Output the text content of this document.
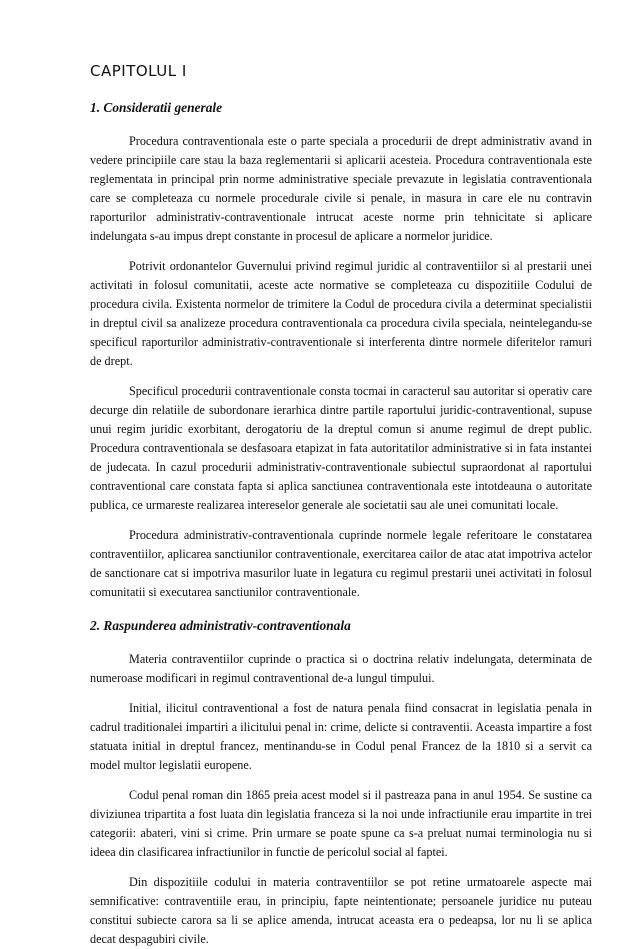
CAPITOLUL I
1. Consideratii generale

Procedura contraventionala este o parte speciala a procedurii de drept administrativ avand in vedere principiile care stau la baza reglementarii si aplicarii acesteia. Procedura contraventionala este reglementata in principal prin norme administrative speciale prevazute in legislatia contraventionala care se completeaza cu normele procedurale civile si penale, in masura in care ele nu contravin raporturilor administrativ-contraventionale intrucat aceste norme prin tehnicitate si aplicare indelungata s-au impus drept constante in procesul de aplicare a normelor juridice.

Potrivit ordonantelor Guvernului privind regimul juridic al contraventiilor si al prestarii unei activitati in folosul comunitatii, aceste acte normative se completeaza cu dispozitiile Codului de procedura civila. Existenta normelor de trimitere la Codul de procedura civila a determinat specialistii in dreptul civil sa analizeze procedura contraventionala ca procedura civila speciala, neintelegandu-se specificul raporturilor administrativ-contraventionale si interferenta dintre normele diferitelor ramuri de drept.

Specificul procedurii contraventionale consta tocmai in caracterul sau autoritar si operativ care decurge din relatiile de subordonare ierarhica dintre partile raportului juridic-contraventional, supuse unui regim juridic exorbitant, derogatoriu de la dreptul comun si anume regimul de drept public. Procedura contraventionala se desfasoara etapizat in fata autoritatilor administrative si in fata instantei de judecata. In cazul procedurii administrativ-contraventionale subiectul supraordonat al raportului contraventional care constata fapta si aplica sanctiunea contraventionala este intotdeauna o autoritate publica, ce urmareste realizarea intereselor generale ale societatii sau ale unei comunitati locale.

Procedura administrativ-contraventionala cuprinde normele legale referitoare le constatarea contraventiilor, aplicarea sanctiunilor contraventionale, exercitarea cailor de atac atat impotriva actelor de sanctionare cat si impotriva masurilor luate in legatura cu regimul prestarii unei activitati in folosul comunitatii si executarea sanctiunilor contraventionale.

2. Raspunderea administrativ-contraventionala

Materia contraventiilor cuprinde o practica si o doctrina relativ indelungata, determinata de numeroase modificari in regimul contraventional de-a lungul timpului.

Initial, ilicitul contraventional a fost de natura penala fiind consacrat in legislatia penala in cadrul traditionalei impartiri a ilicitului penal in: crime, delicte si contraventii. Aceasta impartire a fost statuata initial in dreptul francez, mentinandu-se in Codul penal Francez de la 1810 si a servit ca model multor legislatii europene.

Codul penal roman din 1865 preia acest model si il pastreaza pana in anul 1954. Se sustine ca diviziunea tripartita a fost luata din legislatia franceza si la noi unde infractiunile erau impartite in trei categorii: abateri, vini si crime. Prin urmare se poate spune ca s-a preluat numai terminologia nu si ideea din clasificarea infractiunilor in functie de pericolul social al faptei.

Din dispozitiile codului in materia contraventiilor se pot retine urmatoarele aspecte mai semnificative: contraventiile erau, in principiu, fapte neintentionate; persoanele juridice nu puteau constitui subiecte carora sa li se aplice amenda, intrucat aceasta era o pedeapsa, lor nu li se aplica decat despagubiri civile.
